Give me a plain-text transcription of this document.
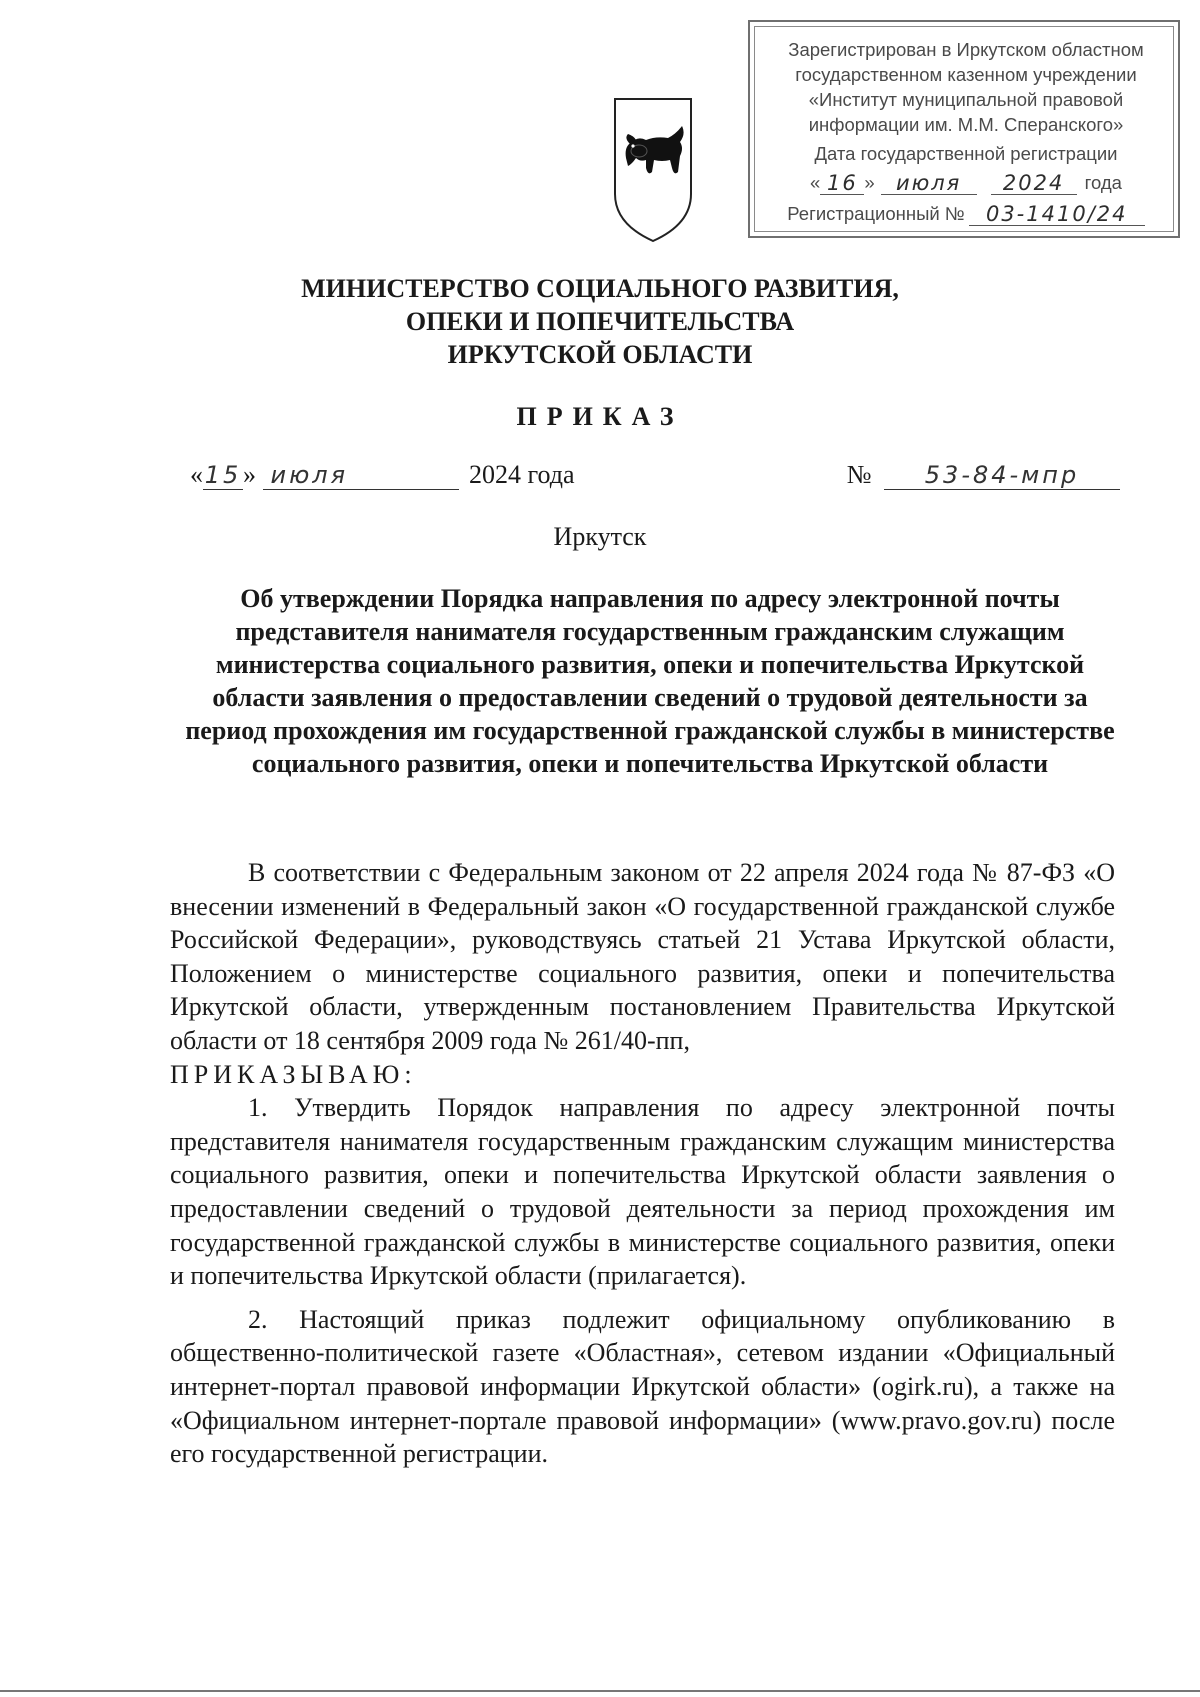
Зарегистрирован в Иркутском областном
государственном казенном учреждении
«Институт муниципальной правовой
информации им. М.М. Сперанского»
Дата государственной регистрации
« 16 »	июля	2024	года
Регистрационный №	03-1410/24
МИНИСТЕРСТВО СОЦИАЛЬНОГО РАЗВИТИЯ,
ОПЕКИ И ПОПЕЧИТЕЛЬСТВА
ИРКУТСКОЙ ОБЛАСТИ
ПРИКАЗ
«15» июля	2024 года	№ 53-84-мпр
Иркутск
Об утверждении Порядка направления по адресу электронной почты представителя нанимателя государственным гражданским служащим министерства социального развития, опеки и попечительства Иркутской области заявления о предоставлении сведений о трудовой деятельности за период прохождения им государственной гражданской службы в министерстве социального развития, опеки и попечительства Иркутской области

В соответствии с Федеральным законом от 22 апреля 2024 года № 87-ФЗ «О внесении изменений в Федеральный закон «О государственной гражданской службе Российской Федерации», руководствуясь статьей 21 Устава Иркутской области, Положением о министерстве социального развития, опеки и попечительства Иркутской области, утвержденным постановлением Правительства Иркутской области от 18 сентября 2009 года № 261/40-пп,

ПРИКАЗЫВАЮ:

1. Утвердить Порядок направления по адресу электронной почты представителя нанимателя государственным гражданским служащим министерства социального развития, опеки и попечительства Иркутской области заявления о предоставлении сведений о трудовой деятельности за период прохождения им государственной гражданской службы в министерстве социального развития, опеки и попечительства Иркутской области (прилагается).

2. Настоящий приказ подлежит официальному опубликованию в общественно-политической газете «Областная», сетевом издании «Официальный интернет-портал правовой информации Иркутской области» (ogirk.ru), а также на «Официальном интернет-портале правовой информации» (www.pravo.gov.ru) после его государственной регистрации.
